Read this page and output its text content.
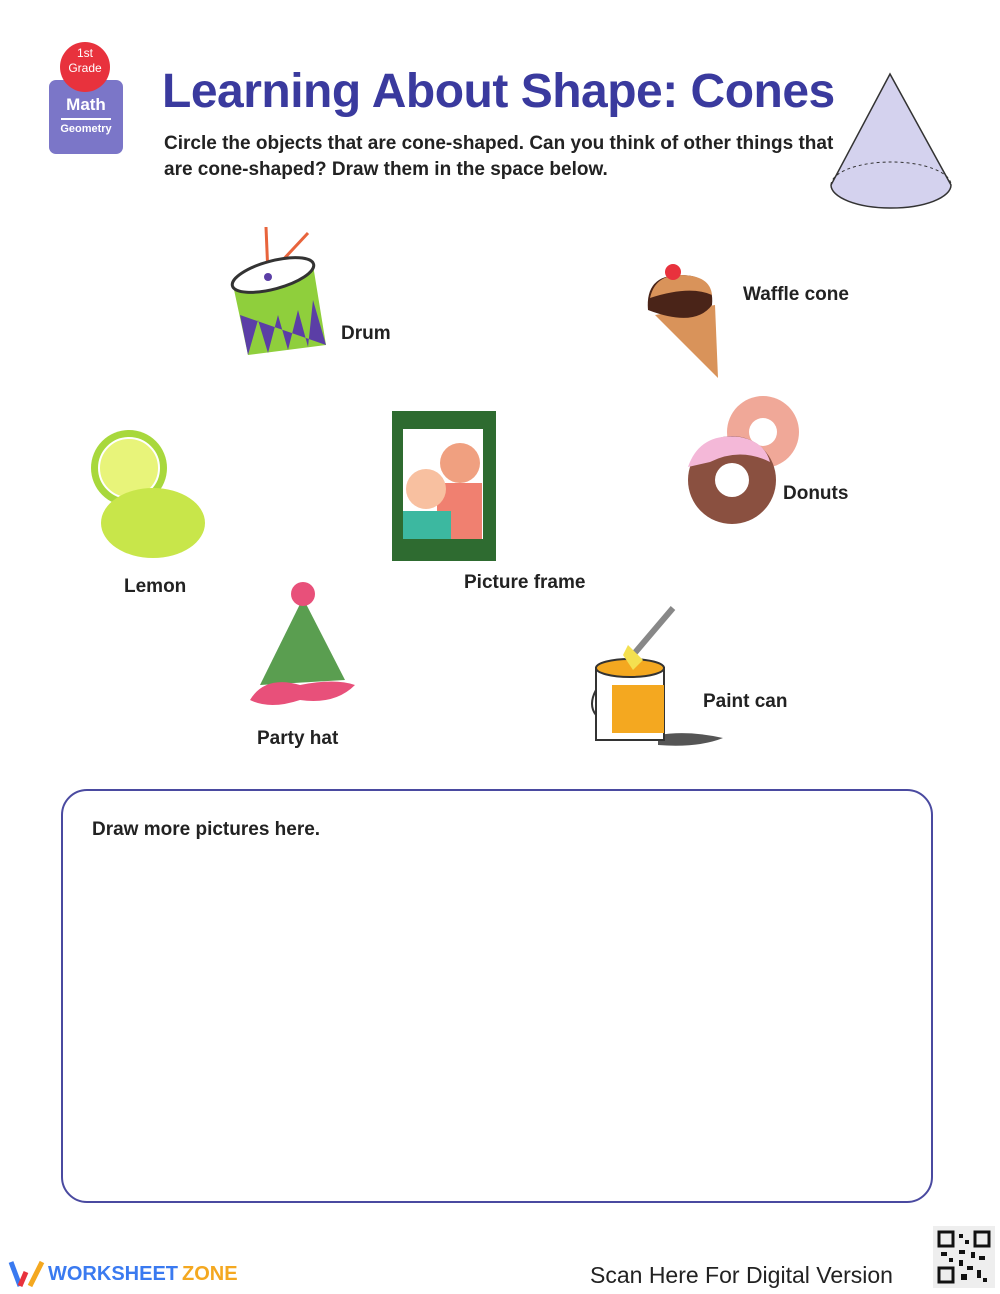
1st Grade
Math
Geometry
Learning About Shape: Cones
Circle the objects that are cone-shaped. Can you think of other things that are cone-shaped? Draw them in the space below.
Drum
Waffle cone
Lemon	Picture frame
Donuts
Party hat
Paint can
Draw more pictures here.
WORKSHEET ZONE	Scan Here For Digital Version
